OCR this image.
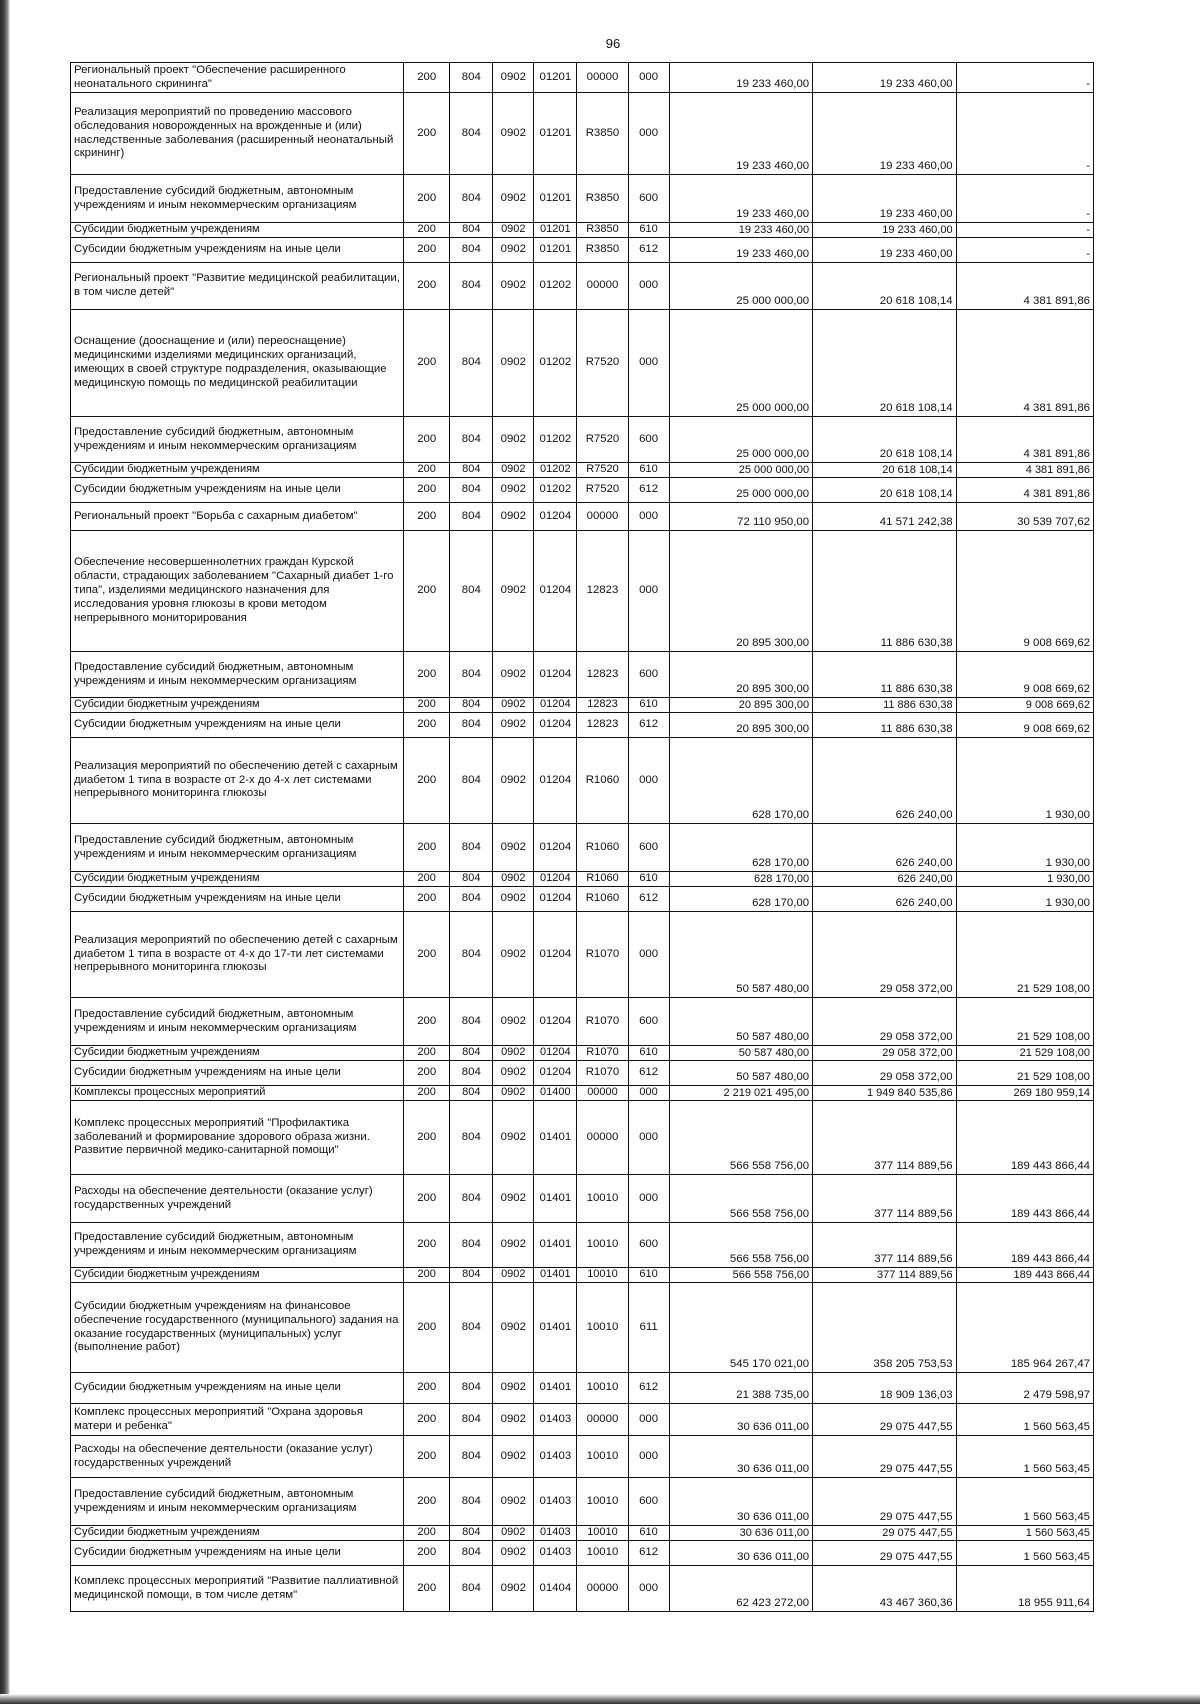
96
Региональный проект "Обеспечение расширенного неонатального скрининга"	200	804	0902	01201	00000	000	19 233 460,00	19 233 460,00	-
Реализация мероприятий по проведению массового обследования новорожденных на врожденные и (или) наследственные заболевания (расширенный неонатальный скрининг)	200	804	0902	01201	R3850	000	19 233 460,00	19 233 460,00	-
Предоставление субсидий бюджетным, автономным учреждениям и иным некоммерческим организациям	200	804	0902	01201	R3850	600	19 233 460,00	19 233 460,00	-
Субсидии бюджетным учреждениям	200	804	0902	01201	R3850	610	19 233 460,00	19 233 460,00	-
Субсидии бюджетным учреждениям на иные цели	200	804	0902	01201	R3850	612	19 233 460,00	19 233 460,00	-
Региональный проект "Развитие медицинской реабилитации, в том числе детей"	200	804	0902	01202	00000	000	25 000 000,00	20 618 108,14	4 381 891,86
Оснащение (дооснащение и (или) переоснащение) медицинскими изделиями медицинских организаций, имеющих в своей структуре подразделения, оказывающие медицинскую помощь по медицинской реабилитации	200	804	0902	01202	R7520	000	25 000 000,00	20 618 108,14	4 381 891,86
Предоставление субсидий бюджетным, автономным учреждениям и иным некоммерческим организациям	200	804	0902	01202	R7520	600	25 000 000,00	20 618 108,14	4 381 891,86
Субсидии бюджетным учреждениям	200	804	0902	01202	R7520	610	25 000 000,00	20 618 108,14	4 381 891,86
Субсидии бюджетным учреждениям на иные цели	200	804	0902	01202	R7520	612	25 000 000,00	20 618 108,14	4 381 891,86
Региональный проект "Борьба с сахарным диабетом"	200	804	0902	01204	00000	000	72 110 950,00	41 571 242,38	30 539 707,62
Обеспечение несовершеннолетних граждан Курской области, страдающих заболеванием "Сахарный диабет 1-го типа", изделиями медицинского назначения для исследования уровня глюкозы в крови методом непрерывного мониторирования	200	804	0902	01204	12823	000	20 895 300,00	11 886 630,38	9 008 669,62
Предоставление субсидий бюджетным, автономным учреждениям и иным некоммерческим организациям	200	804	0902	01204	12823	600	20 895 300,00	11 886 630,38	9 008 669,62
Субсидии бюджетным учреждениям	200	804	0902	01204	12823	610	20 895 300,00	11 886 630,38	9 008 669,62
Субсидии бюджетным учреждениям на иные цели	200	804	0902	01204	12823	612	20 895 300,00	11 886 630,38	9 008 669,62
Реализация мероприятий по обеспечению детей с сахарным диабетом 1 типа в возрасте от 2-х до 4-х лет системами непрерывного мониторинга глюкозы	200	804	0902	01204	R1060	000	628 170,00	626 240,00	1 930,00
Предоставление субсидий бюджетным, автономным учреждениям и иным некоммерческим организациям	200	804	0902	01204	R1060	600	628 170,00	626 240,00	1 930,00
Субсидии бюджетным учреждениям	200	804	0902	01204	R1060	610	628 170,00	626 240,00	1 930,00
Субсидии бюджетным учреждениям на иные цели	200	804	0902	01204	R1060	612	628 170,00	626 240,00	1 930,00
Реализация мероприятий по обеспечению детей с сахарным диабетом 1 типа в возрасте от 4-х до 17-ти лет системами непрерывного мониторинга глюкозы	200	804	0902	01204	R1070	000	50 587 480,00	29 058 372,00	21 529 108,00
Предоставление субсидий бюджетным, автономным учреждениям и иным некоммерческим организациям	200	804	0902	01204	R1070	600	50 587 480,00	29 058 372,00	21 529 108,00
Субсидии бюджетным учреждениям	200	804	0902	01204	R1070	610	50 587 480,00	29 058 372,00	21 529 108,00
Субсидии бюджетным учреждениям на иные цели	200	804	0902	01204	R1070	612	50 587 480,00	29 058 372,00	21 529 108,00
Комплексы процессных мероприятий	200	804	0902	01400	00000	000	2 219 021 495,00	1 949 840 535,86	269 180 959,14
Комплекс процессных мероприятий "Профилактика заболеваний и формирование здорового образа жизни. Развитие первичной медико-санитарной помощи"	200	804	0902	01401	00000	000	566 558 756,00	377 114 889,56	189 443 866,44
Расходы на обеспечение деятельности (оказание услуг) государственных учреждений	200	804	0902	01401	10010	000	566 558 756,00	377 114 889,56	189 443 866,44
Предоставление субсидий бюджетным, автономным учреждениям и иным некоммерческим организациям	200	804	0902	01401	10010	600	566 558 756,00	377 114 889,56	189 443 866,44
Субсидии бюджетным учреждениям	200	804	0902	01401	10010	610	566 558 756,00	377 114 889,56	189 443 866,44
Субсидии бюджетным учреждениям на финансовое обеспечение государственного (муниципального) задания на оказание государственных (муниципальных) услуг (выполнение работ)	200	804	0902	01401	10010	611	545 170 021,00	358 205 753,53	185 964 267,47
Субсидии бюджетным учреждениям на иные цели	200	804	0902	01401	10010	612	21 388 735,00	18 909 136,03	2 479 598,97
Комплекс процессных мероприятий "Охрана здоровья матери и ребенка"	200	804	0902	01403	00000	000	30 636 011,00	29 075 447,55	1 560 563,45
Расходы на обеспечение деятельности (оказание услуг) государственных учреждений	200	804	0902	01403	10010	000	30 636 011,00	29 075 447,55	1 560 563,45
Предоставление субсидий бюджетным, автономным учреждениям и иным некоммерческим организациям	200	804	0902	01403	10010	600	30 636 011,00	29 075 447,55	1 560 563,45
Субсидии бюджетным учреждениям	200	804	0902	01403	10010	610	30 636 011,00	29 075 447,55	1 560 563,45
Субсидии бюджетным учреждениям на иные цели	200	804	0902	01403	10010	612	30 636 011,00	29 075 447,55	1 560 563,45
Комплекс процессных мероприятий "Развитие паллиативной медицинской помощи, в том числе детям"	200	804	0902	01404	00000	000	62 423 272,00	43 467 360,36	18 955 911,64
